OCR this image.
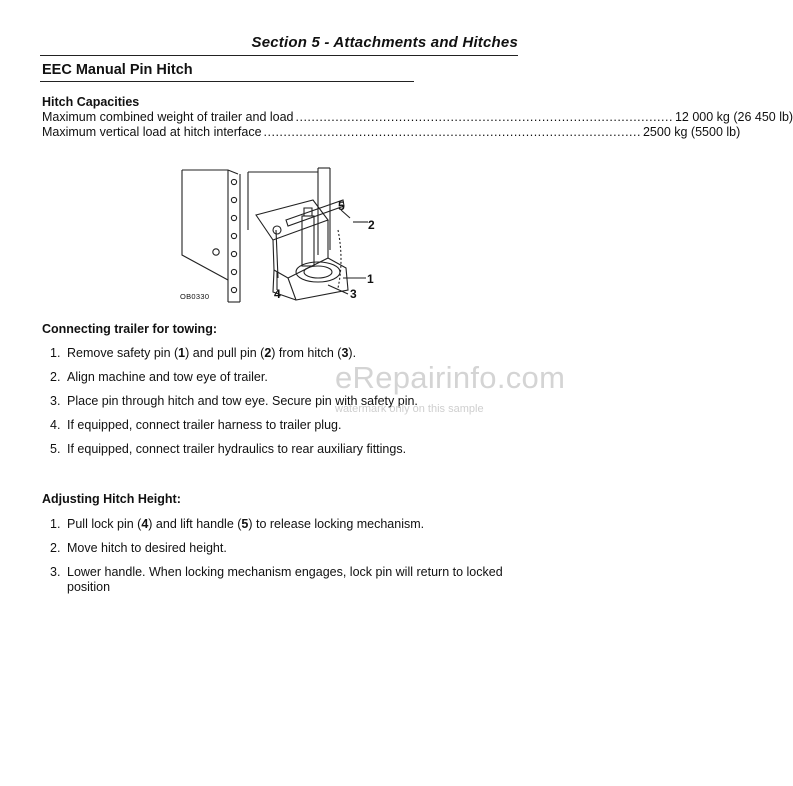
Section 5 - Attachments and Hitches
EEC Manual Pin Hitch
Hitch Capacities
Maximum combined weight of trailer and load ............................................................................................... 12 000 kg (26 450 lb)
Maximum vertical load at hitch interface ............................................................................................... 2500 kg (5500 lb)
5
2
1
3
4
OB0330
Connecting trailer for towing:
1. Remove safety pin (1) and pull pin (2) from hitch (3).
2. Align machine and tow eye of trailer.
3. Place pin through hitch and tow eye. Secure pin with safety pin.
4. If equipped, connect trailer harness to trailer plug.
5. If equipped, connect trailer hydraulics to rear auxiliary fittings.
Adjusting Hitch Height:
1. Pull lock pin (4) and lift handle (5) to release locking mechanism.
2. Move hitch to desired height.
3. Lower handle. When locking mechanism engages, lock pin will return to locked position
eRepairinfo.com
watermark only on this sample
